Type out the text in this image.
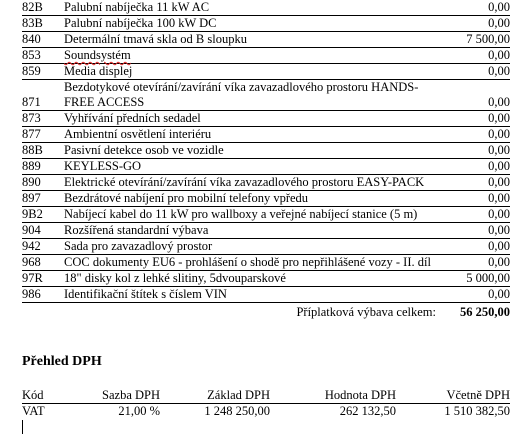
82B	Palubní nabíječka 11 kW AC	0,00
83B	Palubní nabíječka 100 kW DC	0,00
840	Determální tmavá skla od B sloupku	7 500,00
853	Soundsystém	0,00
859	Media displej	0,00
871	Bezdotykové otevírání/zavírání víka zavazadlového prostoru HANDS-FREE ACCESS	0,00
873	Vyhřívání předních sedadel	0,00
877	Ambientní osvětlení interiéru	0,00
88B	Pasivní detekce osob ve vozidle	0,00
889	KEYLESS-GO	0,00
890	Elektrické otevírání/zavírání víka zavazadlového prostoru EASY-PACK	0,00
897	Bezdrátové nabíjení pro mobilní telefony vpředu	0,00
9B2	Nabíjecí kabel do 11 kW pro wallboxy a veřejné nabíjecí stanice (5 m)	0,00
904	Rozšířená standardní výbava	0,00
942	Sada pro zavazadlový prostor	0,00
968	COC dokumenty EU6 - prohlášení o shodě pro nepřihlášené vozy - II. díl	0,00
97R	18" disky kol z lehké slitiny, 5dvouparskové	5 000,00
986	Identifikační štítek s číslem VIN	0,00
Příplatková výbava celkem: 56 250,00
Přehled DPH
Kód	Sazba DPH	Základ DPH	Hodnota DPH	Včetně DPH
VAT	21,00 %	1 248 250,00	262 132,50	1 510 382,50
